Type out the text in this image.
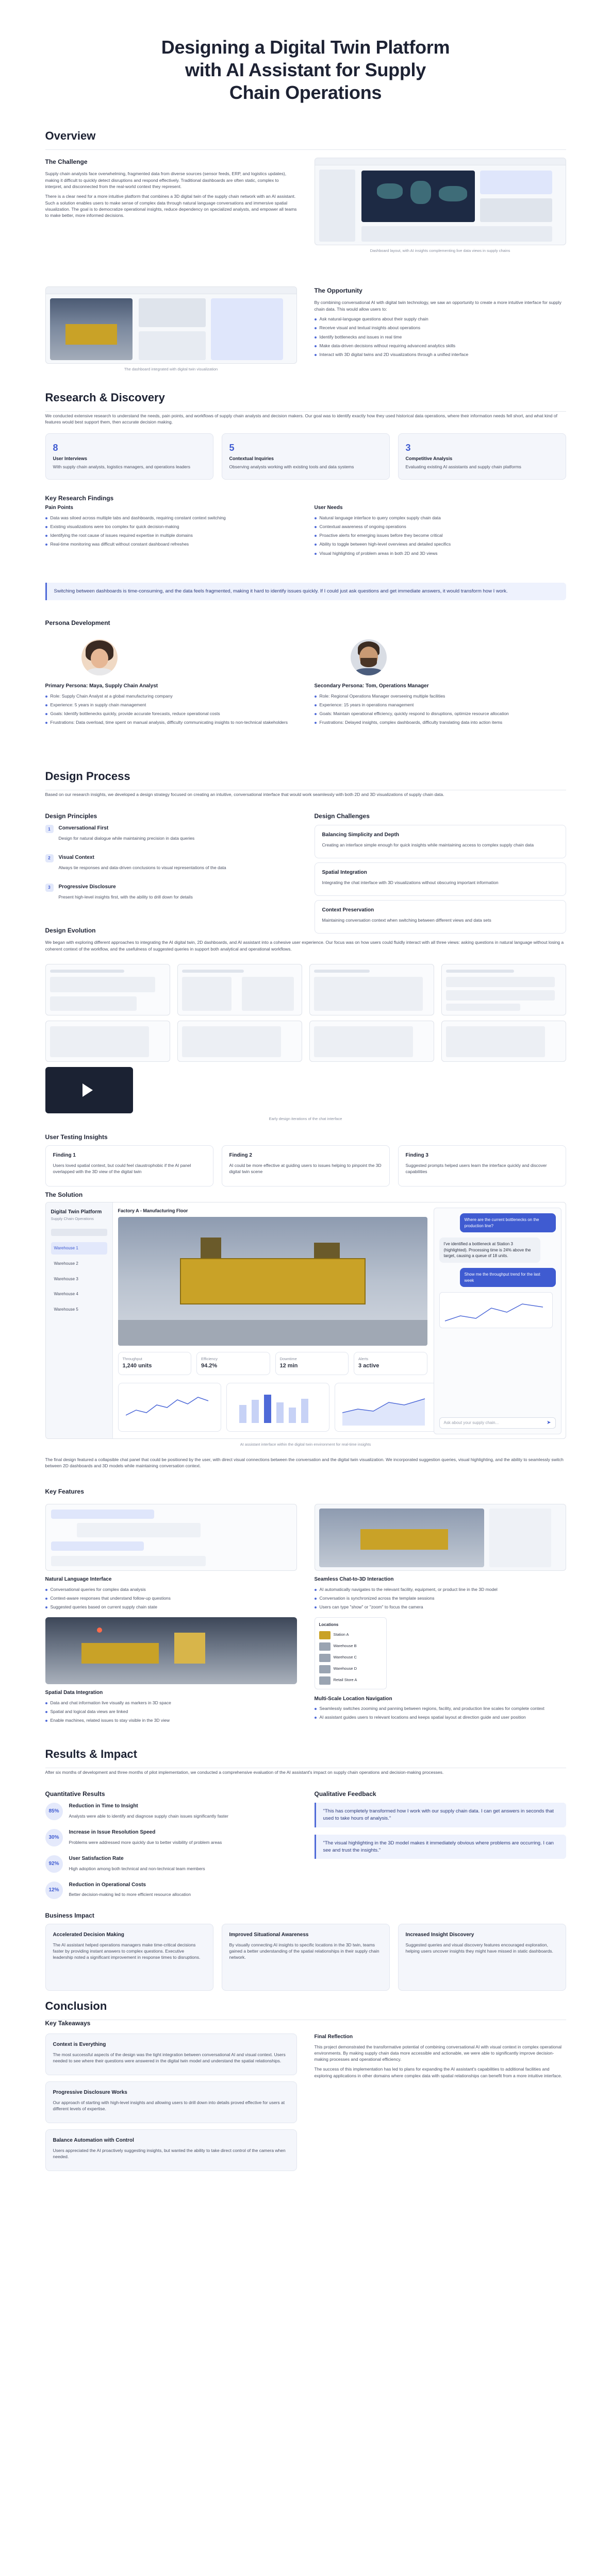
Designing a Digital Twin Platform with AI Assistant for Supply Chain Operations
Overview
The Challenge

Supply chain analysts face overwhelming, fragmented data from diverse sources (sensor feeds, ERP, and logistics updates), making it difficult to quickly detect disruptions and respond effectively. Traditional dashboards are often static, complex to interpret, and disconnected from the real-world context they represent.

There is a clear need for a more intuitive platform that combines a 3D digital twin of the supply chain network with an AI assistant. Such a solution enables users to make sense of complex data through natural language conversations and immersive spatial visualization. The goal is to democratize operational insights, reduce dependency on specialized analysts, and empower all teams to make better, more informed decisions.

Dashboard layout, with AI insights complementing live data views in supply chains
The dashboard integrated with digital twin visualization
The Opportunity

By combining conversational AI with digital twin technology, we saw an opportunity to create a more intuitive interface for supply chain data. This would allow users to:

Ask natural-language questions about their supply chain
Receive visual and textual insights about operations
Identify bottlenecks and issues in real time
Make data-driven decisions without requiring advanced analytics skills
Interact with 3D digital twins and 2D visualizations through a unified interface
Research & Discovery

We conducted extensive research to understand the needs, pain points, and workflows of supply chain analysts and decision makers. Our goal was to identify exactly how they used historical data operations, where their information needs fell short, and what kind of features would best support them, then accurate decision making.

8
User Interviews

With supply chain analysts, logistics managers, and operations leaders

5
Contextual Inquiries

Observing analysts working with existing tools and data systems

3
Competitive Analysis

Evaluating existing AI assistants and supply chain platforms

Key Research Findings
Pain Points
Data was siloed across multiple tabs and dashboards, requiring constant context switching
Existing visualizations were too complex for quick decision-making
Identifying the root cause of issues required expertise in multiple domains
Real-time monitoring was difficult without constant dashboard refreshes
User Needs
Natural language interface to query complex supply chain data
Contextual awareness of ongoing operations
Proactive alerts for emerging issues before they become critical
Ability to toggle between high-level overviews and detailed specifics
Visual highlighting of problem areas in both 2D and 3D views
Switching between dashboards is time-consuming, and the data feels fragmented, making it hard to identify issues quickly. If I could just ask questions and get immediate answers, it would transform how I work.
Persona Development
Primary Persona: Maya, Supply Chain Analyst
Role: Supply Chain Analyst at a global manufacturing company
Experience: 5 years in supply chain management
Goals: Identify bottlenecks quickly, provide accurate forecasts, reduce operational costs
Frustrations: Data overload, time spent on manual analysis, difficulty communicating insights to non-technical stakeholders
Secondary Persona: Tom, Operations Manager
Role: Regional Operations Manager overseeing multiple facilities
Experience: 15 years in operations management
Goals: Maintain operational efficiency, quickly respond to disruptions, optimize resource allocation
Frustrations: Delayed insights, complex dashboards, difficulty translating data into action items
Design Process

Based on our research insights, we developed a design strategy focused on creating an intuitive, conversational interface that would work seamlessly with both 2D and 3D visualizations of supply chain data.

Design Principles
1	Conversational First

Design for natural dialogue while maintaining precision in data queries

2	Visual Context

Always tie responses and data-driven conclusions to visual representations of the data

3	Progressive Disclosure

Present high-level insights first, with the ability to drill down for details

Design Challenges
Balancing Simplicity and Depth

Creating an interface simple enough for quick insights while maintaining access to complex supply chain data

Spatial Integration

Integrating the chat interface with 3D visualizations without obscuring important information

Context Preservation

Maintaining conversation context when switching between different views and data sets

Design Evolution

We began with exploring different approaches to integrating the AI digital twin, 2D dashboards, and AI assistant into a cohesive user experience. Our focus was on how users could fluidly interact with all three views: asking questions in natural language without losing a coherent context of the workflow, and the usefulness of suggested queries in support both analytical and operational workflows.

Early design iterations of the chat interface
User Testing Insights
Finding 1

Users loved spatial context, but could feel claustrophobic if the AI panel overlapped with the 3D view of the digital twin

Finding 2

AI could be more effective at guiding users to issues helping to pinpoint the 3D digital twin scene

Finding 3

Suggested prompts helped users learn the interface quickly and discover capabilities

The Solution
Digital Twin Platform
Supply Chain Operations
Warehouse 1
Warehouse 2
Warehouse 3
Warehouse 4
Warehouse 5
Factory A - Manufacturing Floor
Throughput
1,240 units
Efficiency
94.2%
Downtime
12 min
Alerts
3 active
Where are the current bottlenecks on the production line?
I've identified a bottleneck at Station 3 (highlighted). Processing time is 24% above the target, causing a queue of 18 units.
Show me the throughput trend for the last week
Ask about your supply chain...	➤
AI assistant interface within the digital twin environment for real-time insights

The final design featured a collapsible chat panel that could be positioned by the user, with direct visual connections between the conversation and the digital twin visualization. We incorporated suggestion queries, visual highlighting, and the ability to seamlessly switch between 2D dashboards and 3D models while maintaining conversation context.

Key Features
Natural Language Interface
Conversational queries for complex data analysis
Context-aware responses that understand follow-up questions
Suggested queries based on current supply chain state
Seamless Chat-to-3D Interaction
AI automatically navigates to the relevant facility, equipment, or product line in the 3D model
Conversation is synchronized across the template sessions
Users can type "show" or "zoom" to focus the camera
Spatial Data Integration
Data and chat information live visually as markers in 3D space
Spatial and logical data views are linked
Enable machines, related issues to stay visible in the 3D view
Locations
Station A
Warehouse B
Warehouse C
Warehouse D
Retail Store A
Multi-Scale Location Navigation
Seamlessly switches zooming and panning between regions, facility, and production line scales for complete context
AI assistant guides users to relevant locations and keeps spatial layout at direction guide and user position
Results & Impact

After six months of development and three months of pilot implementation, we conducted a comprehensive evaluation of the AI assistant's impact on supply chain operations and decision-making processes.

Quantitative Results
85%
Reduction in Time to Insight

Analysts were able to identify and diagnose supply chain issues significantly faster

30%
Increase in Issue Resolution Speed

Problems were addressed more quickly due to better visibility of problem areas

92%
User Satisfaction Rate

High adoption among both technical and non-technical team members

12%
Reduction in Operational Costs

Better decision-making led to more efficient resource allocation

Qualitative Feedback
"This has completely transformed how I work with our supply chain data. I can get answers in seconds that used to take hours of analysis."
"The visual highlighting in the 3D model makes it immediately obvious where problems are occurring. I can see and trust the insights."
Business Impact
Accelerated Decision Making

The AI assistant helped operations managers make time-critical decisions faster by providing instant answers to complex questions. Executive leadership noted a significant improvement in response times to disruptions.

Improved Situational Awareness

By visually connecting AI insights to specific locations in the 3D twin, teams gained a better understanding of the spatial relationships in their supply chain network.

Increased Insight Discovery

Suggested queries and visual discovery features encouraged exploration, helping users uncover insights they might have missed in static dashboards.

Conclusion
Key Takeaways
Context is Everything

The most successful aspects of the design was the tight integration between conversational AI and visual context. Users needed to see where their questions were answered in the digital twin model and understand the spatial relationships.

Progressive Disclosure Works

Our approach of starting with high-level insights and allowing users to drill down into details proved effective for users at different levels of expertise.

Balance Automation with Control

Users appreciated the AI proactively suggesting insights, but wanted the ability to take direct control of the camera when needed.

Final Reflection

This project demonstrated the transformative potential of combining conversational AI with visual context in complex operational environments. By making supply chain data more accessible and actionable, we were able to significantly improve decision-making processes and operational efficiency.

The success of this implementation has led to plans for expanding the AI assistant's capabilities to additional facilities and exploring applications in other domains where complex data with spatial relationships can benefit from a more intuitive interface.
